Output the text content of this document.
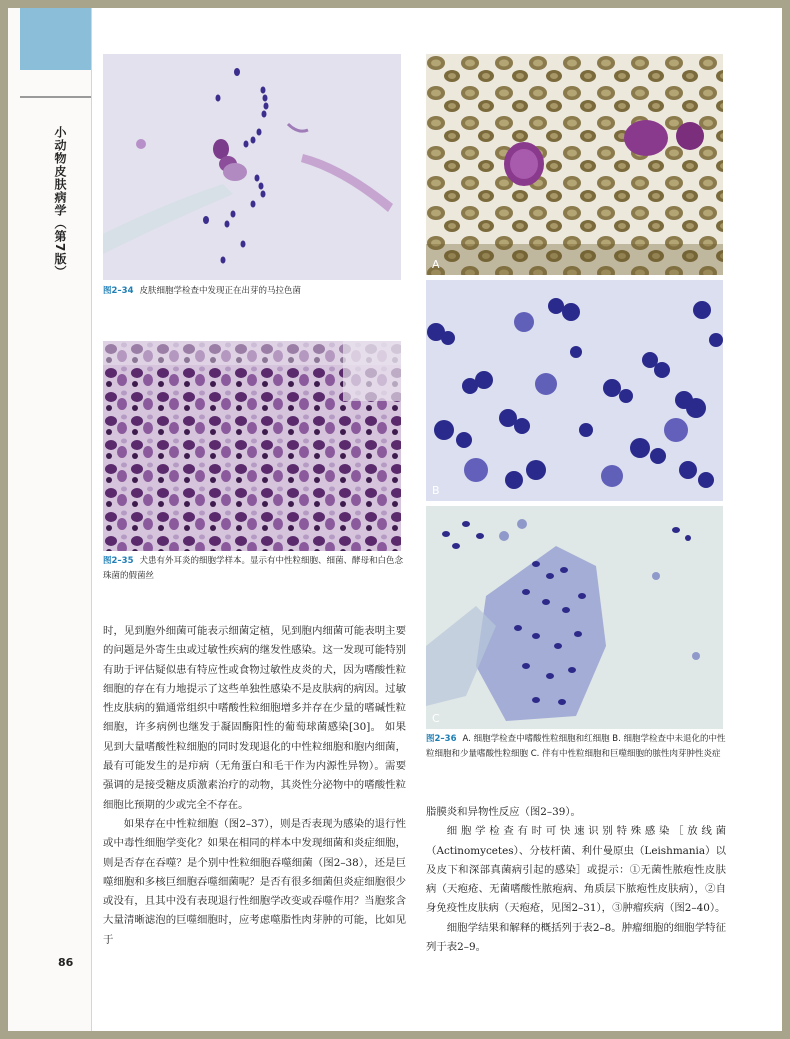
小动物皮肤病学（第7版）
86
图2–34 皮肤细胞学检查中发现正在出芽的马拉色菌
图2–35 犬患有外耳炎的细胞学样本。显示有中性粒细胞、细菌、酵母和白色念珠菌的假菌丝
A
B
C
图2–36 A. 细胞学检查中嗜酸性粒细胞和红细胞 B. 细胞学检查中未退化的中性粒细胞和少量嗜酸性粒细胞 C. 伴有中性粒细胞和巨噬细胞的脓性肉芽肿性炎症

时，见到胞外细菌可能表示细菌定植，见到胞内细菌可能表明主要的问题是外寄生虫或过敏性疾病的继发性感染。这一发现可能特别有助于评估疑似患有特应性或食物过敏性皮炎的犬，因为嗜酸性粒细胞的存在有力地提示了这些单独性感染不是皮肤病的病因。过敏性皮肤病的猫通常组织中嗜酸性粒细胞增多并存在少量的嗜碱性粒细胞，许多病例也继发于凝固酶阳性的葡萄球菌感染[30]。 如果见到大量嗜酸性粒细胞的同时发现退化的中性粒细胞和胞内细菌，最有可能发生的是疖病（无角蛋白和毛干作为内源性异物）。需要强调的是接受糖皮质激素治疗的动物，其炎性分泌物中的嗜酸性粒细胞比预期的少或完全不存在。

如果存在中性粒细胞（图2–37），则是否表现为感染的退行性或中毒性细胞学变化？如果在相同的样本中发现细菌和炎症细胞，则是否存在吞噬？是个别中性粒细胞吞噬细菌（图2–38），还是巨噬细胞和多核巨细胞吞噬细菌呢？是否有很多细菌但炎症细胞很少或没有，且其中没有表现退行性细胞学改变或吞噬作用？当胞浆含大量清晰滤泡的巨噬细胞时，应考虑噬脂性肉芽肿的可能，比如见于

脂膜炎和异物性反应（图2–39）。

细胞学检查有时可快速识别特殊感染［放线菌（Actinomycetes）、分枝杆菌、利什曼原虫（Leishmania）以及皮下和深部真菌病引起的感染］或提示：①无菌性脓疱性皮肤病（天疱疮、无菌嗜酸性脓疱病、角质层下脓疱性皮肤病），②自身免疫性皮肤病（天疱疮，见图2–31），③肿瘤疾病（图2–40）。

细胞学结果和解释的概括列于表2–8。肿瘤细胞的细胞学特征列于表2–9。
